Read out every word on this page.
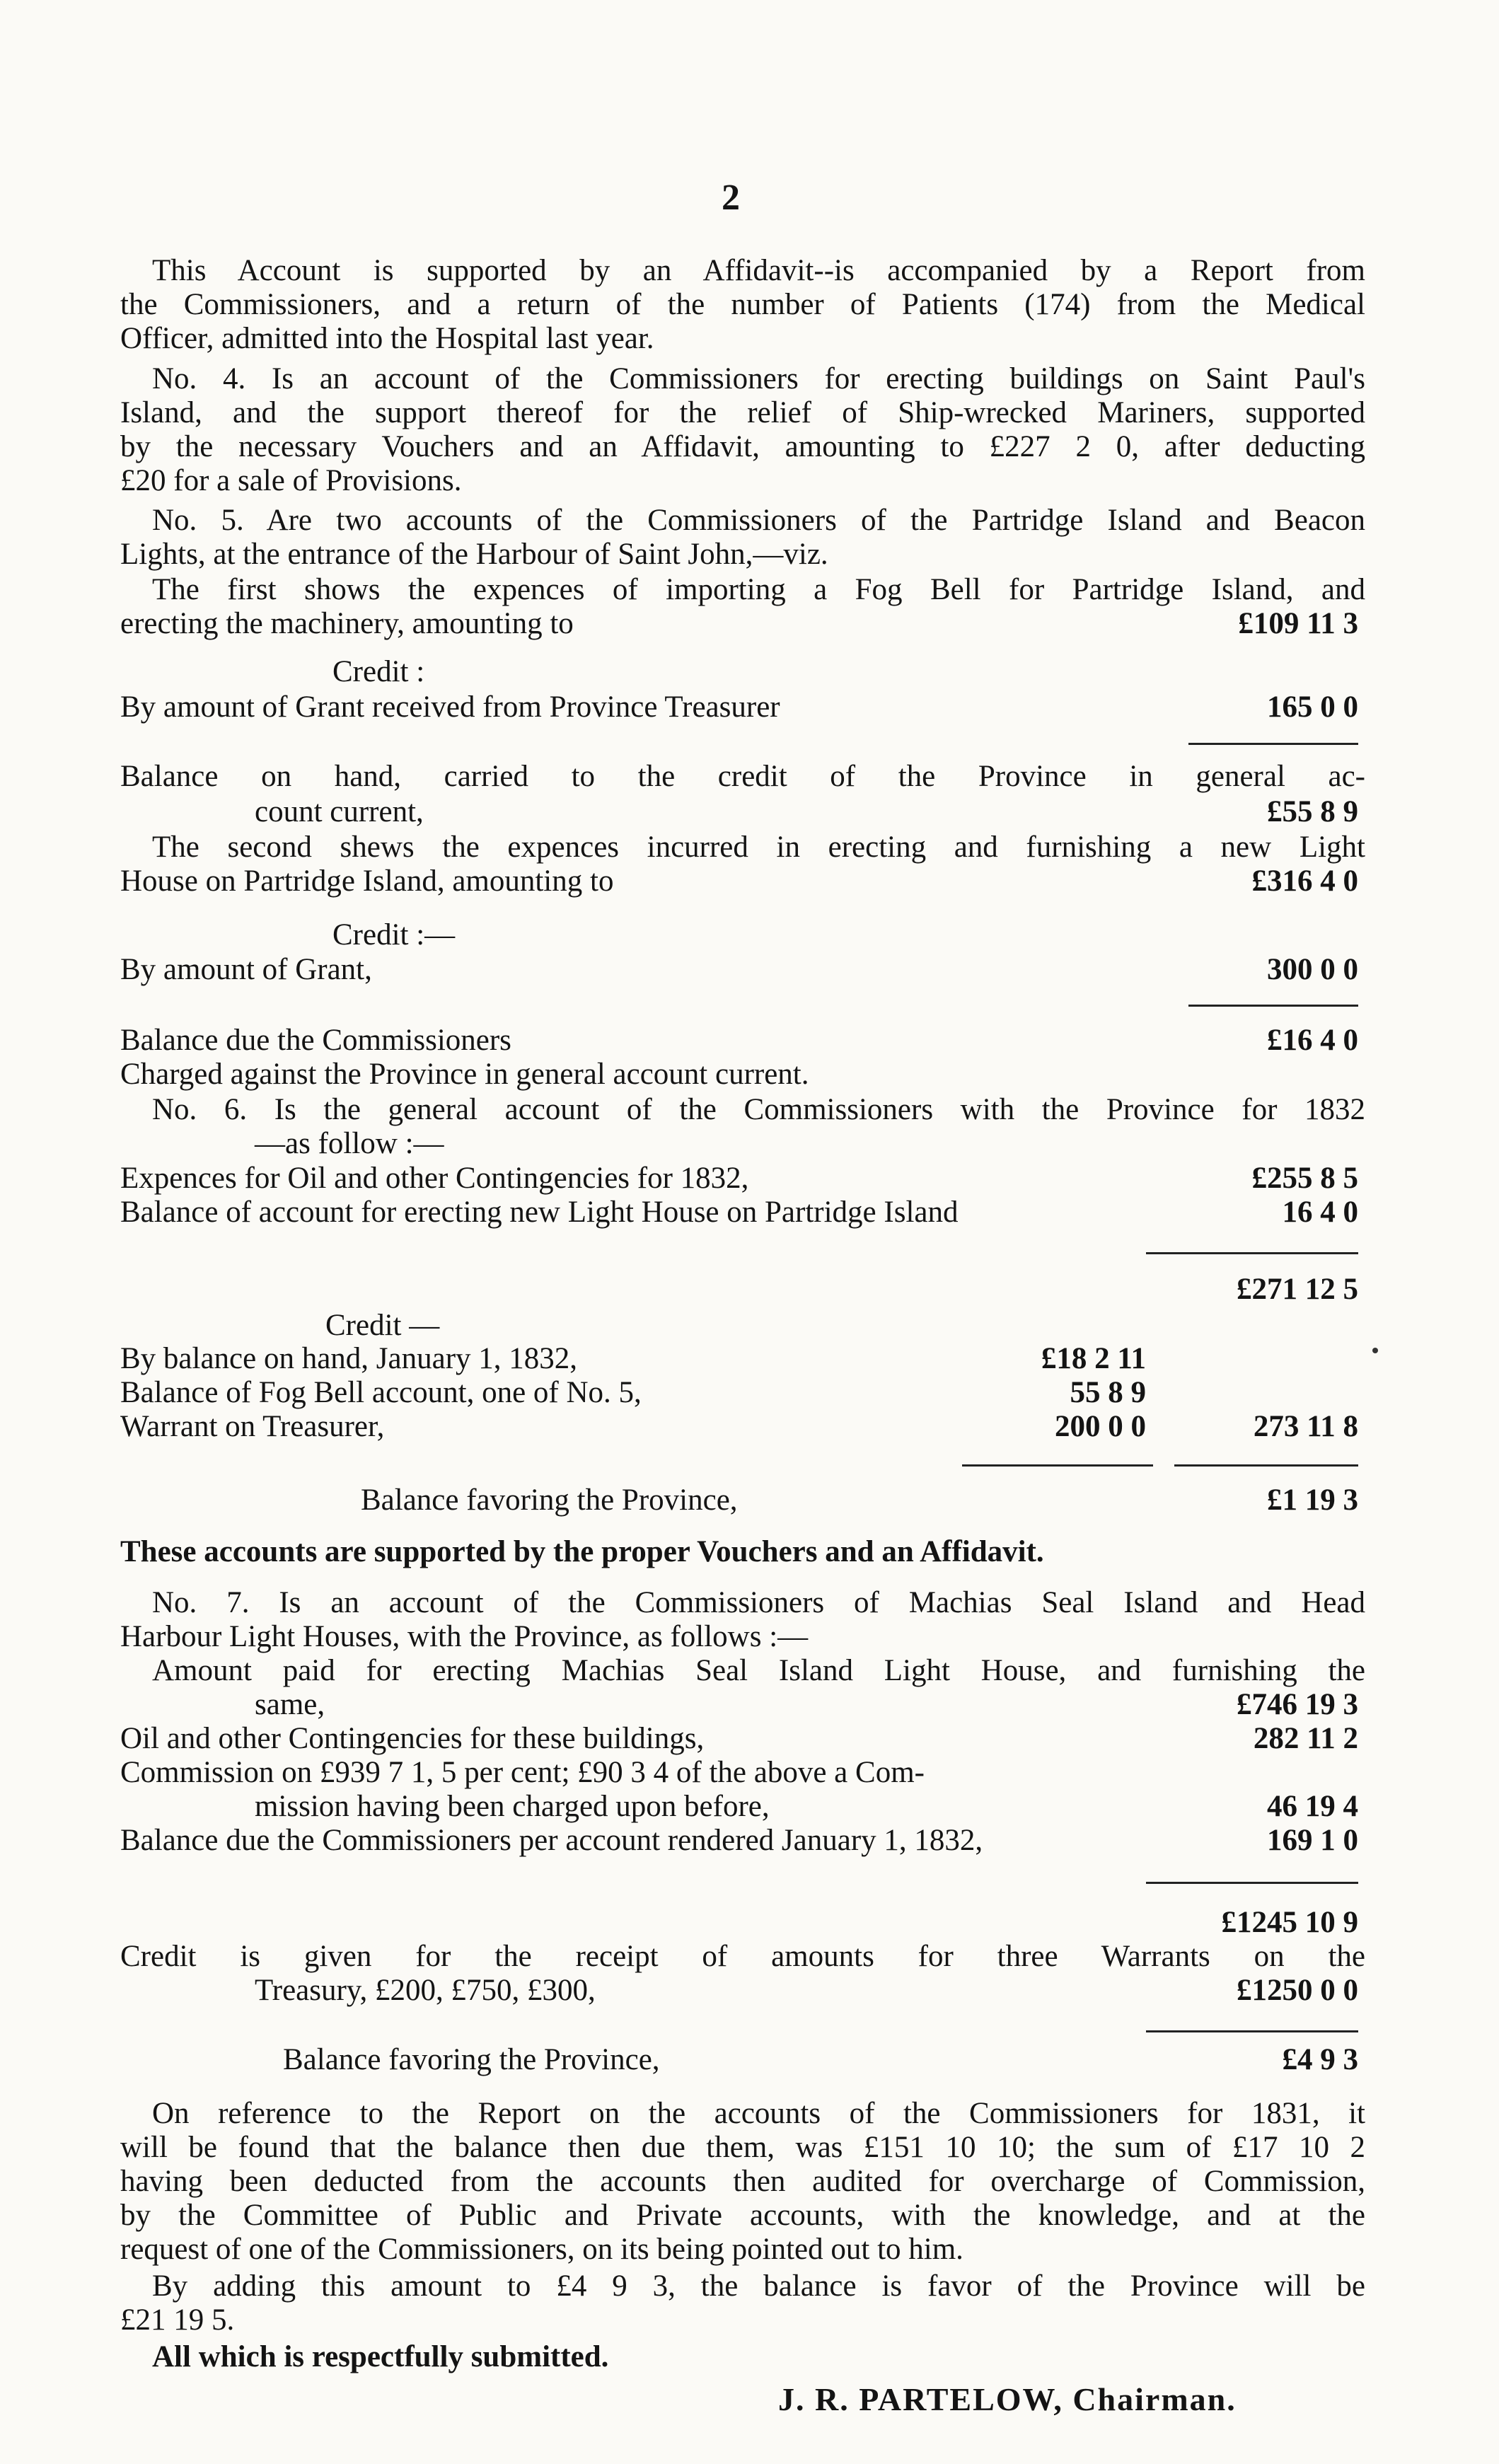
2
This Account is supported by an Affidavit--is accompanied by a Report from
the Commissioners, and a return of the number of Patients (174) from the Medical
Officer, admitted into the Hospital last year.
No. 4. Is an account of the Commissioners for erecting buildings on Saint Paul's
Island, and the support thereof for the relief of Ship-wrecked Mariners, supported
by the necessary Vouchers and an Affidavit, amounting to £227 2 0, after deducting
£20 for a sale of Provisions.
No. 5. Are two accounts of the Commissioners of the Partridge Island and Beacon
Lights, at the entrance of the Harbour of Saint John,—viz.
The first shows the expences of importing a Fog Bell for Partridge Island, and
erecting the machinery, amounting to	£109 11 3
Credit :
By amount of Grant received from Province Treasurer	165 0 0
Balance on hand, carried to the credit of the Province in general ac-
count current,	£55 8 9
The second shews the expences incurred in erecting and furnishing a new Light
House on Partridge Island, amounting to	£316 4 0
Credit :—
By amount of Grant,	300 0 0
Balance due the Commissioners	£16 4 0
Charged against the Province in general account current.
No. 6. Is the general account of the Commissioners with the Province for 1832
—as follow :—
Expences for Oil and other Contingencies for 1832,	£255 8 5
Balance of account for erecting new Light House on Partridge Island	16 4 0
£271 12 5
Credit —
By balance on hand, January 1, 1832,	£18 2 11
Balance of Fog Bell account, one of No. 5,	55 8 9
Warrant on Treasurer,	200 0 0	273 11 8
Balance favoring the Province,	£1 19 3
These accounts are supported by the proper Vouchers and an Affidavit.
No. 7. Is an account of the Commissioners of Machias Seal Island and Head
Harbour Light Houses, with the Province, as follows :—
Amount paid for erecting Machias Seal Island Light House, and furnishing the
same,	£746 19 3
Oil and other Contingencies for these buildings,	282 11 2
Commission on £939 7 1, 5 per cent; £90 3 4 of the above a Com-
mission having been charged upon before,	46 19 4
Balance due the Commissioners per account rendered January 1, 1832,	169 1 0
£1245 10 9
Credit is given for the receipt of amounts for three Warrants on the
Treasury, £200, £750, £300,	£1250 0 0
Balance favoring the Province,	£4 9 3
On reference to the Report on the accounts of the Commissioners for 1831, it
will be found that the balance then due them, was £151 10 10; the sum of £17 10 2
having been deducted from the accounts then audited for overcharge of Commission,
by the Committee of Public and Private accounts, with the knowledge, and at the
request of one of the Commissioners, on its being pointed out to him.
By adding this amount to £4 9 3, the balance is favor of the Province will be
£21 19 5.
All which is respectfully submitted.
J. R. PARTELOW, Chairman.
